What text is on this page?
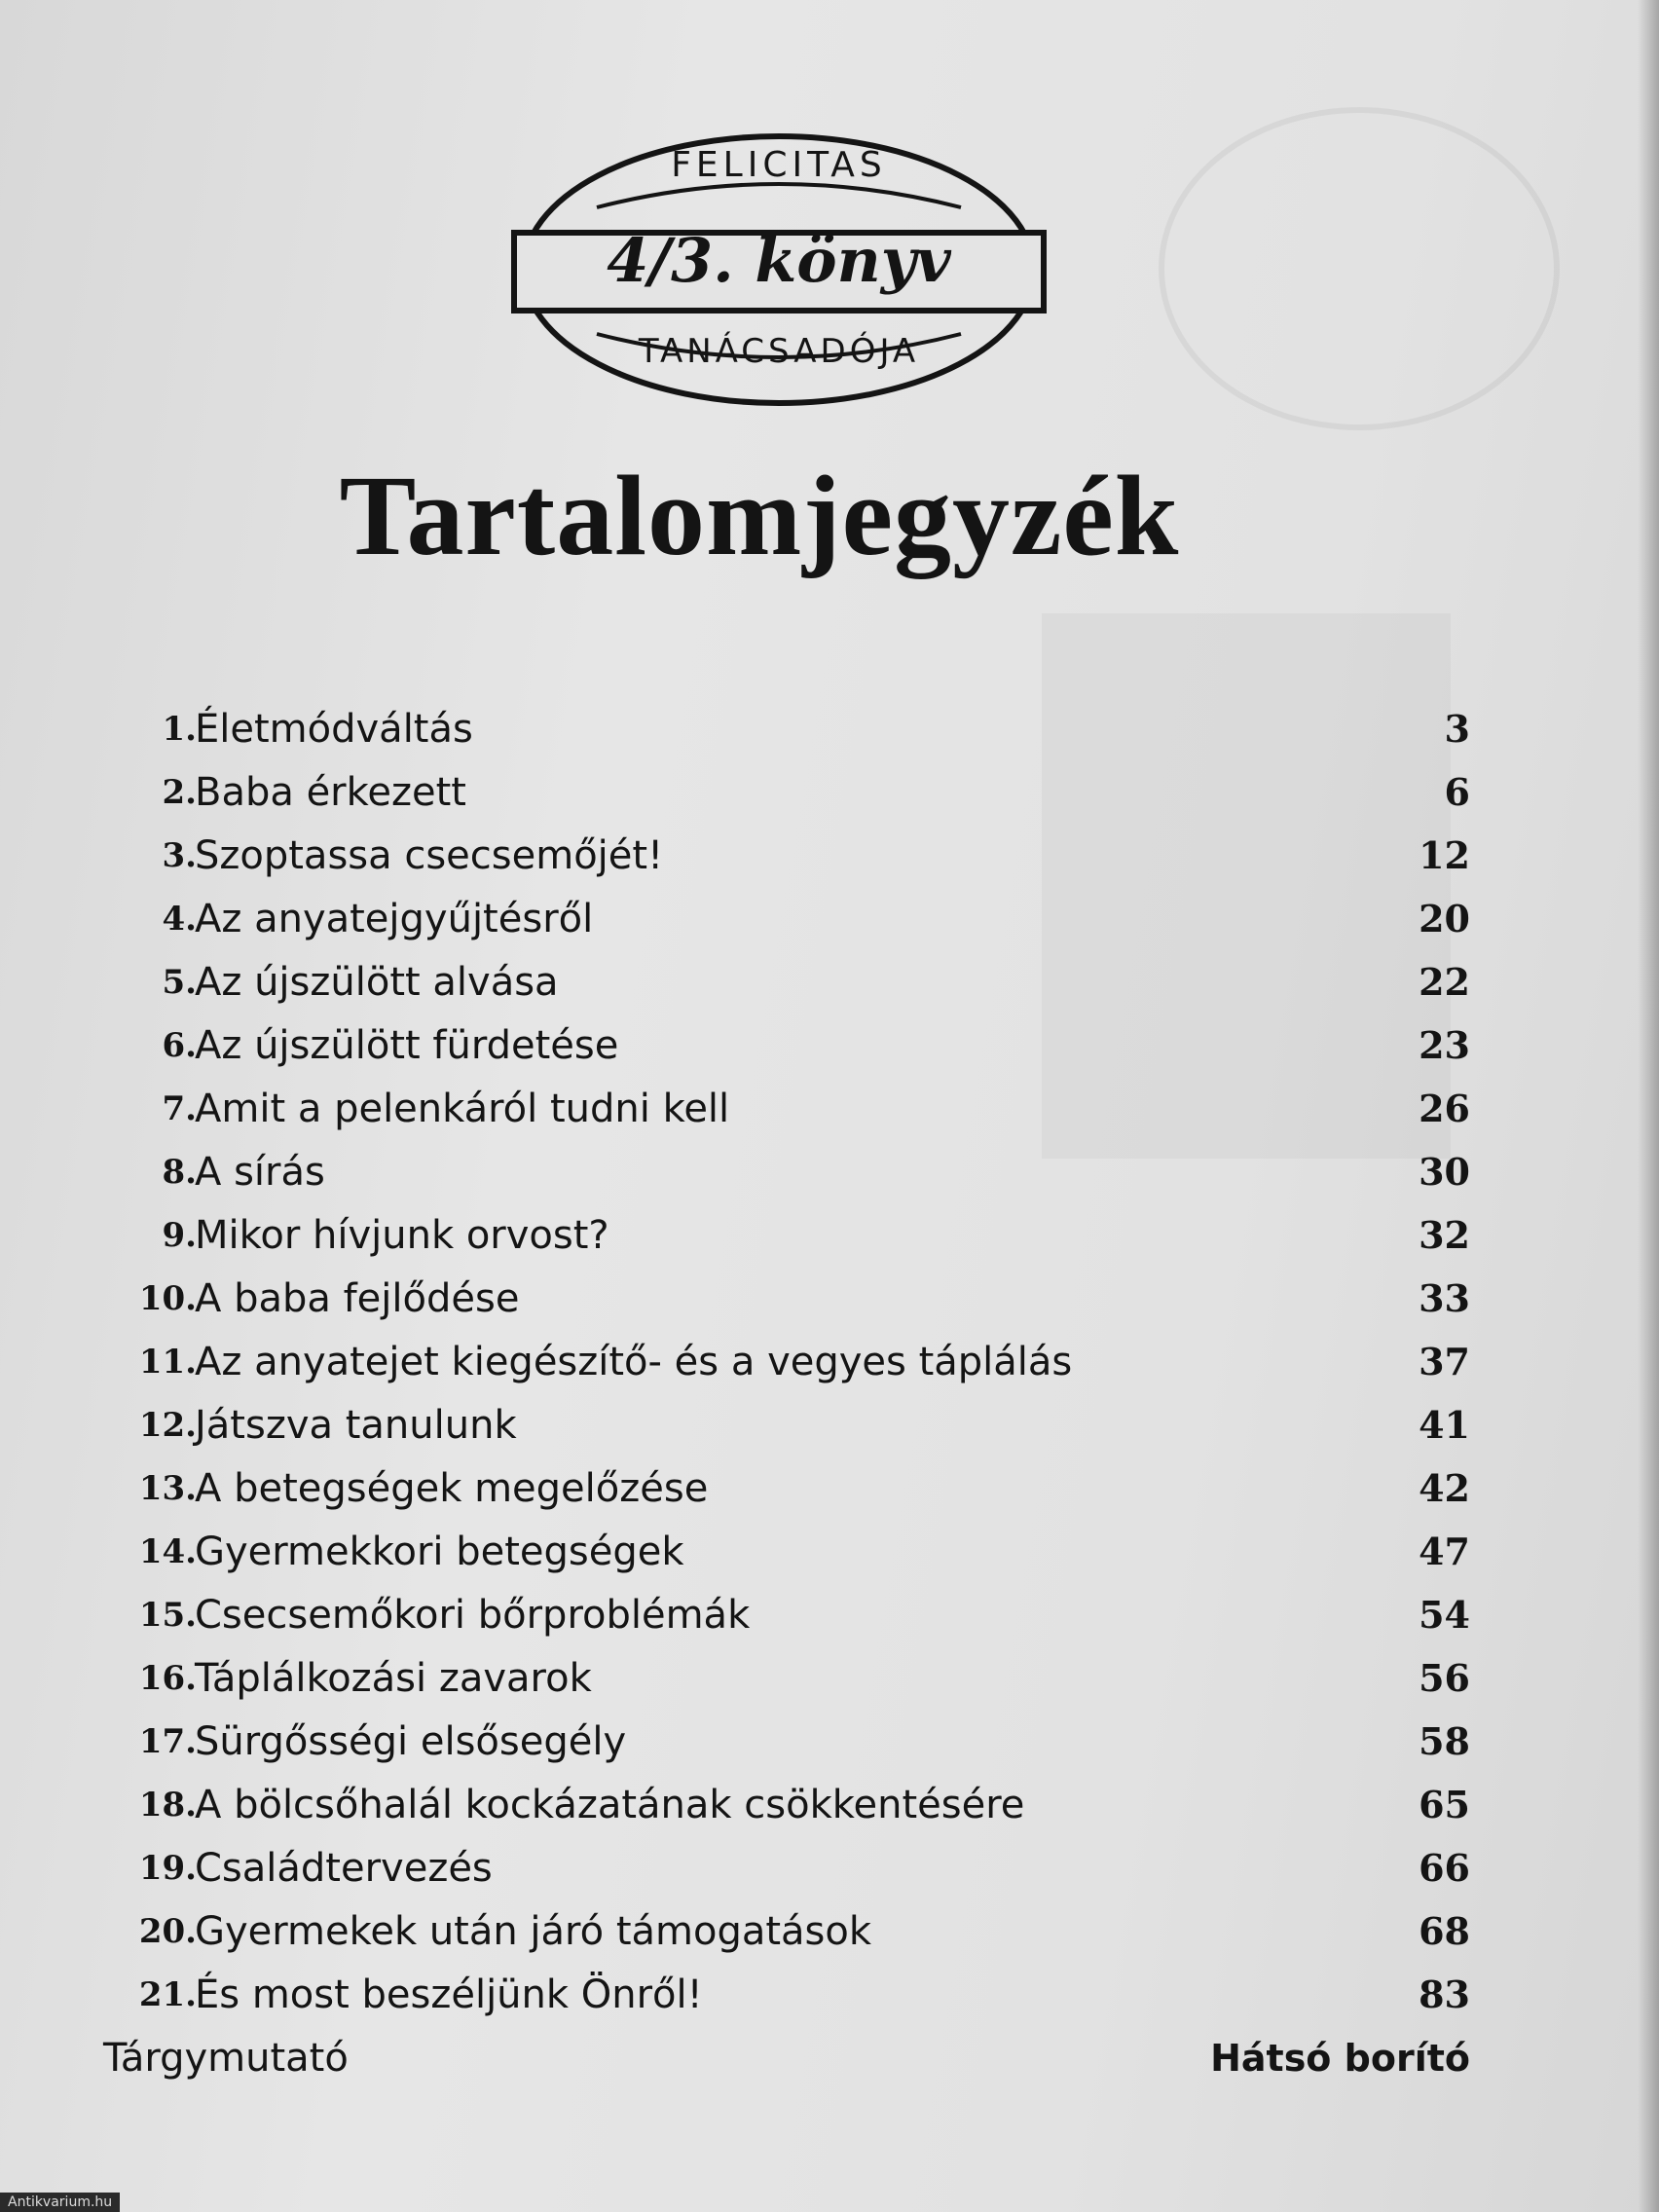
FELICITAS
4/3. könyv
TANÁCSADÓJA
Tartalomjegyzék
1.
Életmódváltás	3
2.
Baba érkezett	6
3.
Szoptassa csecsemőjét!	12
4.
Az anyatejgyűjtésről	20
5.
Az újszülött alvása	22
6.
Az újszülött fürdetése	23
7.
Amit a pelenkáról tudni kell	26
8.
A sírás	30
9.
Mikor hívjunk orvost?	32
10.
A baba fejlődése	33
11.
Az anyatejet kiegészítő- és a vegyes táplálás	37
12.
Játszva tanulunk	41
13.
A betegségek megelőzése	42
14.
Gyermekkori betegségek	47
15.
Csecsemőkori bőrproblémák	54
16.
Táplálkozási zavarok	56
17.
Sürgősségi elsősegély	58
18.
A bölcsőhalál kockázatának csökkentésére	65
19.
Családtervezés	66
20.
Gyermekek után járó támogatások	68
21.
És most beszéljünk Önről!	83
Tárgymutató	Hátsó borító
Antikvarium.hu
